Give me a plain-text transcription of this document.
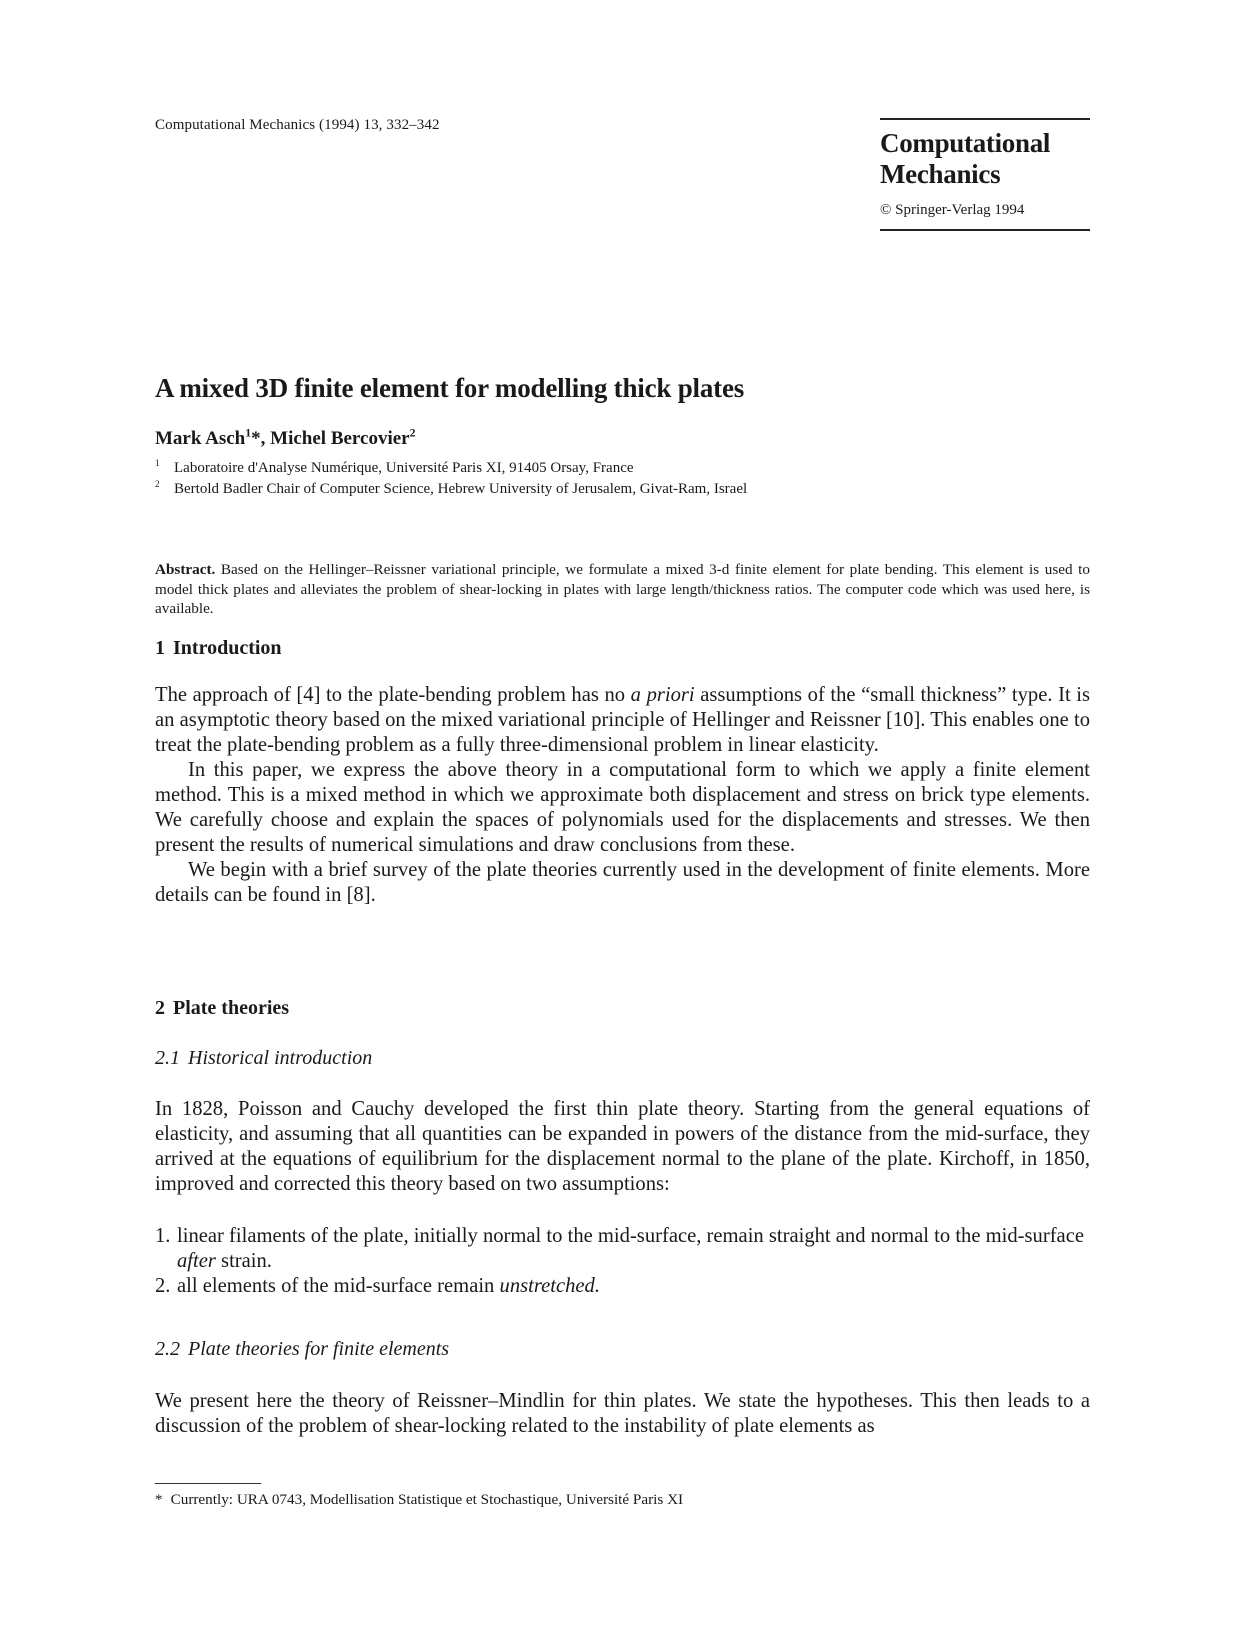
Computational Mechanics (1994) 13, 332–342
Computational
Mechanics
© Springer-Verlag 1994
A mixed 3D finite element for modelling thick plates
Mark Asch$^1$*, Michel Bercovier$^2$
$^1$ Laboratoire d'Analyse Numérique, Université Paris XI, 91405 Orsay, France
$^2$ Bertold Badler Chair of Computer Science, Hebrew University of Jerusalem, Givat-Ram, Israel
Abstract. Based on the Hellinger–Reissner variational principle, we formulate a mixed 3-d finite element for plate bending. This element is used to model thick plates and alleviates the problem of shear-locking in plates with large length/thickness ratios. The computer code which was used here, is available.
1 Introduction

The approach of [4] to the plate-bending problem has no a priori assumptions of the “small thickness” type. It is an asymptotic theory based on the mixed variational principle of Hellinger and Reissner [10]. This enables one to treat the plate-bending problem as a fully three-dimensional problem in linear elasticity.

In this paper, we express the above theory in a computational form to which we apply a finite element method. This is a mixed method in which we approximate both displacement and stress on brick type elements. We carefully choose and explain the spaces of polynomials used for the displacements and stresses. We then present the results of numerical simulations and draw conclusions from these.

We begin with a brief survey of the plate theories currently used in the development of finite elements. More details can be found in [8].

2 Plate theories
2.1 Historical introduction

In 1828, Poisson and Cauchy developed the first thin plate theory. Starting from the general equations of elasticity, and assuming that all quantities can be expanded in powers of the distance from the mid-surface, they arrived at the equations of equilibrium for the displacement normal to the plane of the plate. Kirchoff, in 1850, improved and corrected this theory based on two assumptions:

1. linear filaments of the plate, initially normal to the mid-surface, remain straight and normal to the mid-surface after strain.
2. all elements of the mid-surface remain unstretched.
2.2 Plate theories for finite elements

We present here the theory of Reissner–Mindlin for thin plates. We state the hypotheses. This then leads to a discussion of the problem of shear-locking related to the instability of plate elements as

* Currently: URA 0743, Modellisation Statistique et Stochastique, Université Paris XI
